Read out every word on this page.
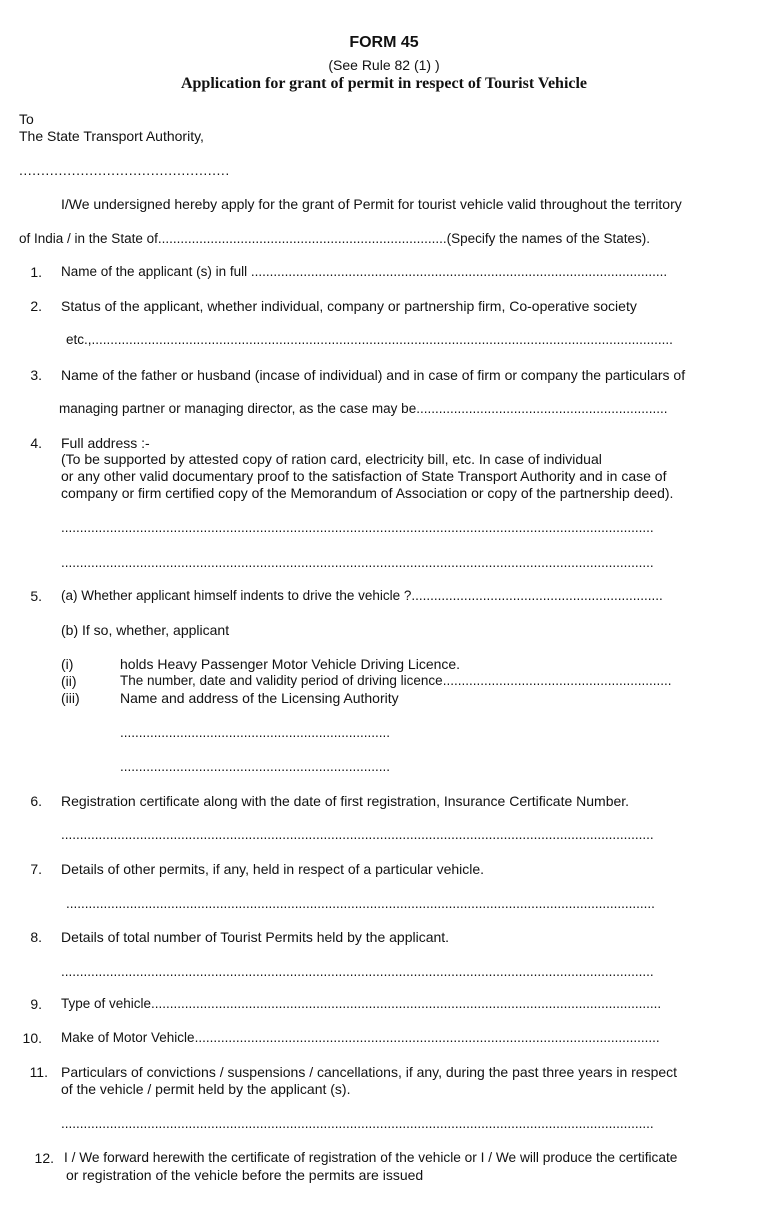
FORM 45
(See Rule 82 (1) )
Application for grant of permit in respect of Tourist Vehicle
To
The State Transport Authority,
................................................
I/We undersigned hereby apply for the grant of Permit for tourist vehicle valid throughout the territory
of India / in the State of.............................................................................(Specify the names of the States).
1. Name of the applicant (s) in full ...............................................................................................................
2. Status of the applicant, whether individual, company or partnership firm, Co-operative society
etc.,...........................................................................................................................................................
3. Name of the father or husband (incase of individual) and in case of firm or company the particulars of
managing partner or managing director, as the case may be...................................................................
4. Full address :-
(To be supported by attested copy of ration card, electricity bill, etc. In case of individual
or any other valid documentary proof to the satisfaction of State Transport Authority and in case of
company or firm certified copy of the Memorandum of Association or copy of the partnership deed).
..............................................................................................................................................................
..............................................................................................................................................................
5. (a) Whether applicant himself indents to drive the vehicle ?...................................................................
(b) If so, whether, applicant
(i)	holds Heavy Passenger Motor Vehicle Driving Licence.
(ii)	The number, date and validity period of driving licence.............................................................
(iii)	Name and address of the Licensing Authority
........................................................................
........................................................................
6. Registration certificate along with the date of first registration, Insurance Certificate Number.
..............................................................................................................................................................
7. Details of other permits, if any, held in respect of a particular vehicle.
.............................................................................................................................................................
8. Details of total number of Tourist Permits held by the applicant.
..............................................................................................................................................................
9. Type of vehicle........................................................................................................................................
10. Make of Motor Vehicle............................................................................................................................
11. Particulars of convictions / suspensions / cancellations, if any, during the past three years in respect
of the vehicle / permit held by the applicant (s).
..............................................................................................................................................................
12. I / We forward herewith the certificate of registration of the vehicle or I / We will produce the certificate
or registration of the vehicle before the permits are issued
